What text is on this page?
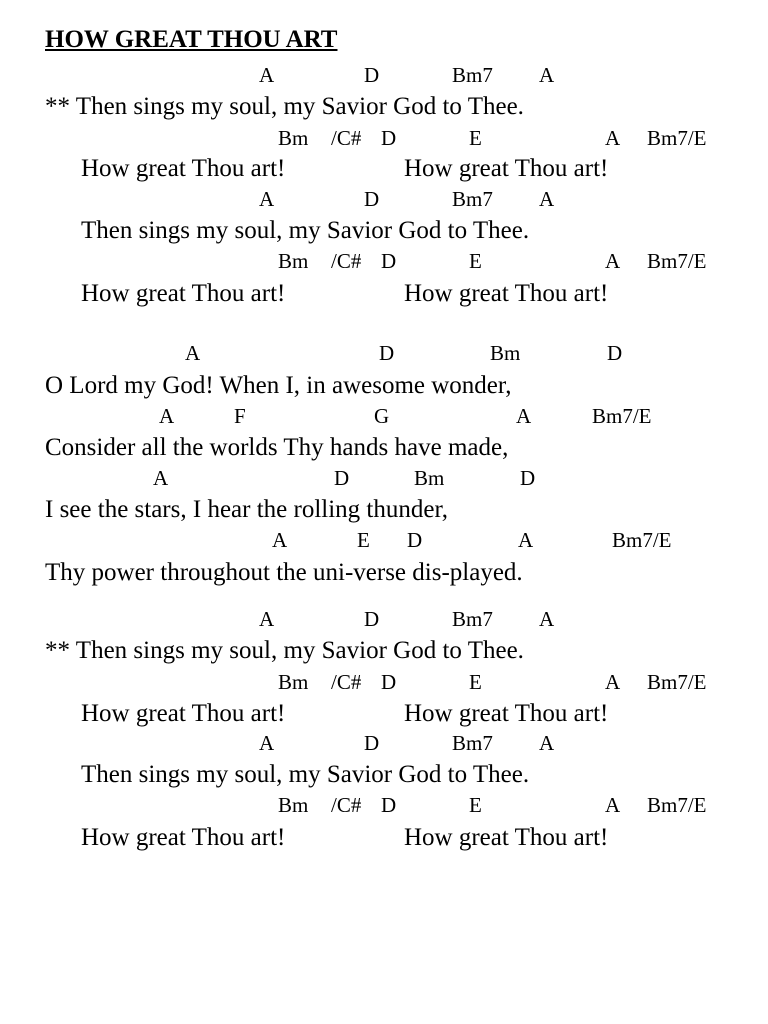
HOW GREAT THOU ART
A	D	Bm7 A
** Then sings my soul, my Savior God to Thee.
Bm /C# D	E	A Bm7/E
How great Thou art!	How great Thou art!
A	D	Bm7 A
Then sings my soul, my Savior God to Thee.
Bm /C# D	E	A Bm7/E
How great Thou art!	How great Thou art!
A	D	Bm	D
O Lord my God! When I, in awesome wonder,
A	F	G	A	Bm7/E
Consider all the worlds Thy hands have made,
A	D	Bm	D
I see the stars, I hear the rolling thunder,
A	E D	A	Bm7/E
Thy power throughout the uni-verse dis-played.
A	D	Bm7 A
** Then sings my soul, my Savior God to Thee.
Bm /C# D	E	A Bm7/E
How great Thou art!	How great Thou art!
A	D	Bm7 A
Then sings my soul, my Savior God to Thee.
Bm /C# D	E	A Bm7/E
How great Thou art!	How great Thou art!
